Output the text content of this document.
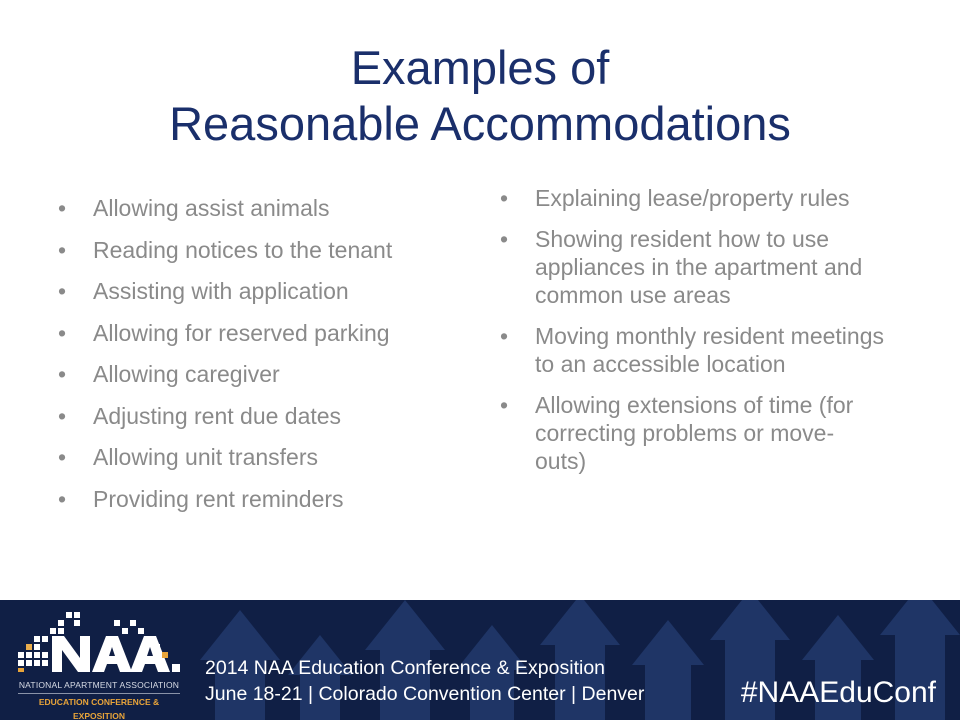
Examples of
Reasonable Accommodations
• Allowing assist animals
• Reading notices to the tenant
• Assisting with application
• Allowing for reserved parking
• Allowing caregiver
• Adjusting rent due dates
• Allowing unit transfers
• Providing rent reminders
• Explaining lease/property rules
• Showing resident how to use appliances in the apartment and common use areas
• Moving monthly resident meetings to an accessible location
• Allowing extensions of time (for correcting problems or move-outs)
NATIONAL APARTMENT ASSOCIATION
EDUCATION CONFERENCE & EXPOSITION
2014 NAA Education Conference & Exposition
June 18-21 | Colorado Convention Center | Denver	#NAAEduConf
